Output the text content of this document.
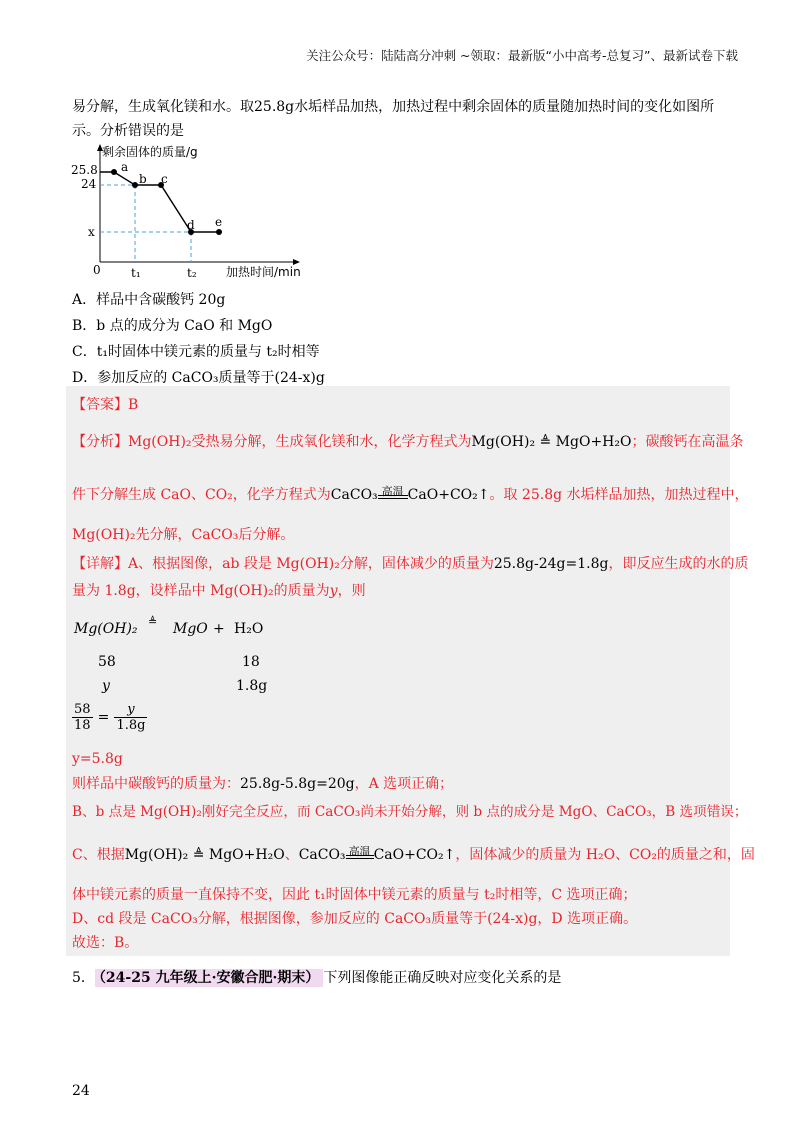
关注公众号：陆陆高分冲刺 ~领取：最新版“小中高考-总复习”、最新试卷下载
易分解，生成氧化镁和水。取25.8g水垢样品加热，加热过程中剩余固体的质量随加热时间的变化如图所
示。分析错误的是
剩余固体的质量/g
加热时间/min
0
25.8
24
x
t₁	t₂
a
b c
d e
A．样品中含碳酸钙 20g
B．b 点的成分为 CaO 和 MgO
C．t₁时固体中镁元素的质量与 t₂时相等
D．参加反应的 CaCO₃质量等于(24-x)g
【答案】B
【分析】Mg(OH)₂受热易分解，生成氧化镁和水，化学方程式为Mg(OH)₂ ≜ MgO+H₂O；碳酸钙在高温条
件下分解生成 CaO、CO₂，化学方程式为CaCO₃ 高温 CaO+CO₂↑。取 25.8g 水垢样品加热，加热过程中，
Mg(OH)₂先分解，CaCO₃后分解。
【详解】A、根据图像，ab 段是 Mg(OH)₂分解，固体减少的质量为25.8g-24g=1.8g，即反应生成的水的质
量为 1.8g，设样品中 Mg(OH)₂的质量为y，则
Mg(OH)₂ ≜ MgO + H₂O
58	18
y	1.8g
$\frac{58}{18} = \frac{y}{1.8g}$
y=5.8g
则样品中碳酸钙的质量为：25.8g-5.8g=20g，A 选项正确；
B、b 点是 Mg(OH)₂刚好完全反应，而 CaCO₃尚未开始分解，则 b 点的成分是 MgO、CaCO₃，B 选项错误；
C、根据Mg(OH)₂ ≜ MgO+H₂O、CaCO₃ 高温 CaO+CO₂↑，固体减少的质量为 H₂O、CO₂的质量之和，固
体中镁元素的质量一直保持不变，因此 t₁时固体中镁元素的质量与 t₂时相等，C 选项正确；
D、cd 段是 CaCO₃分解，根据图像，参加反应的 CaCO₃质量等于(24-x)g，D 选项正确。
故选：B。
5． （24-25 九年级上·安徽合肥·期末） 下列图像能正确反映对应变化关系的是
24
